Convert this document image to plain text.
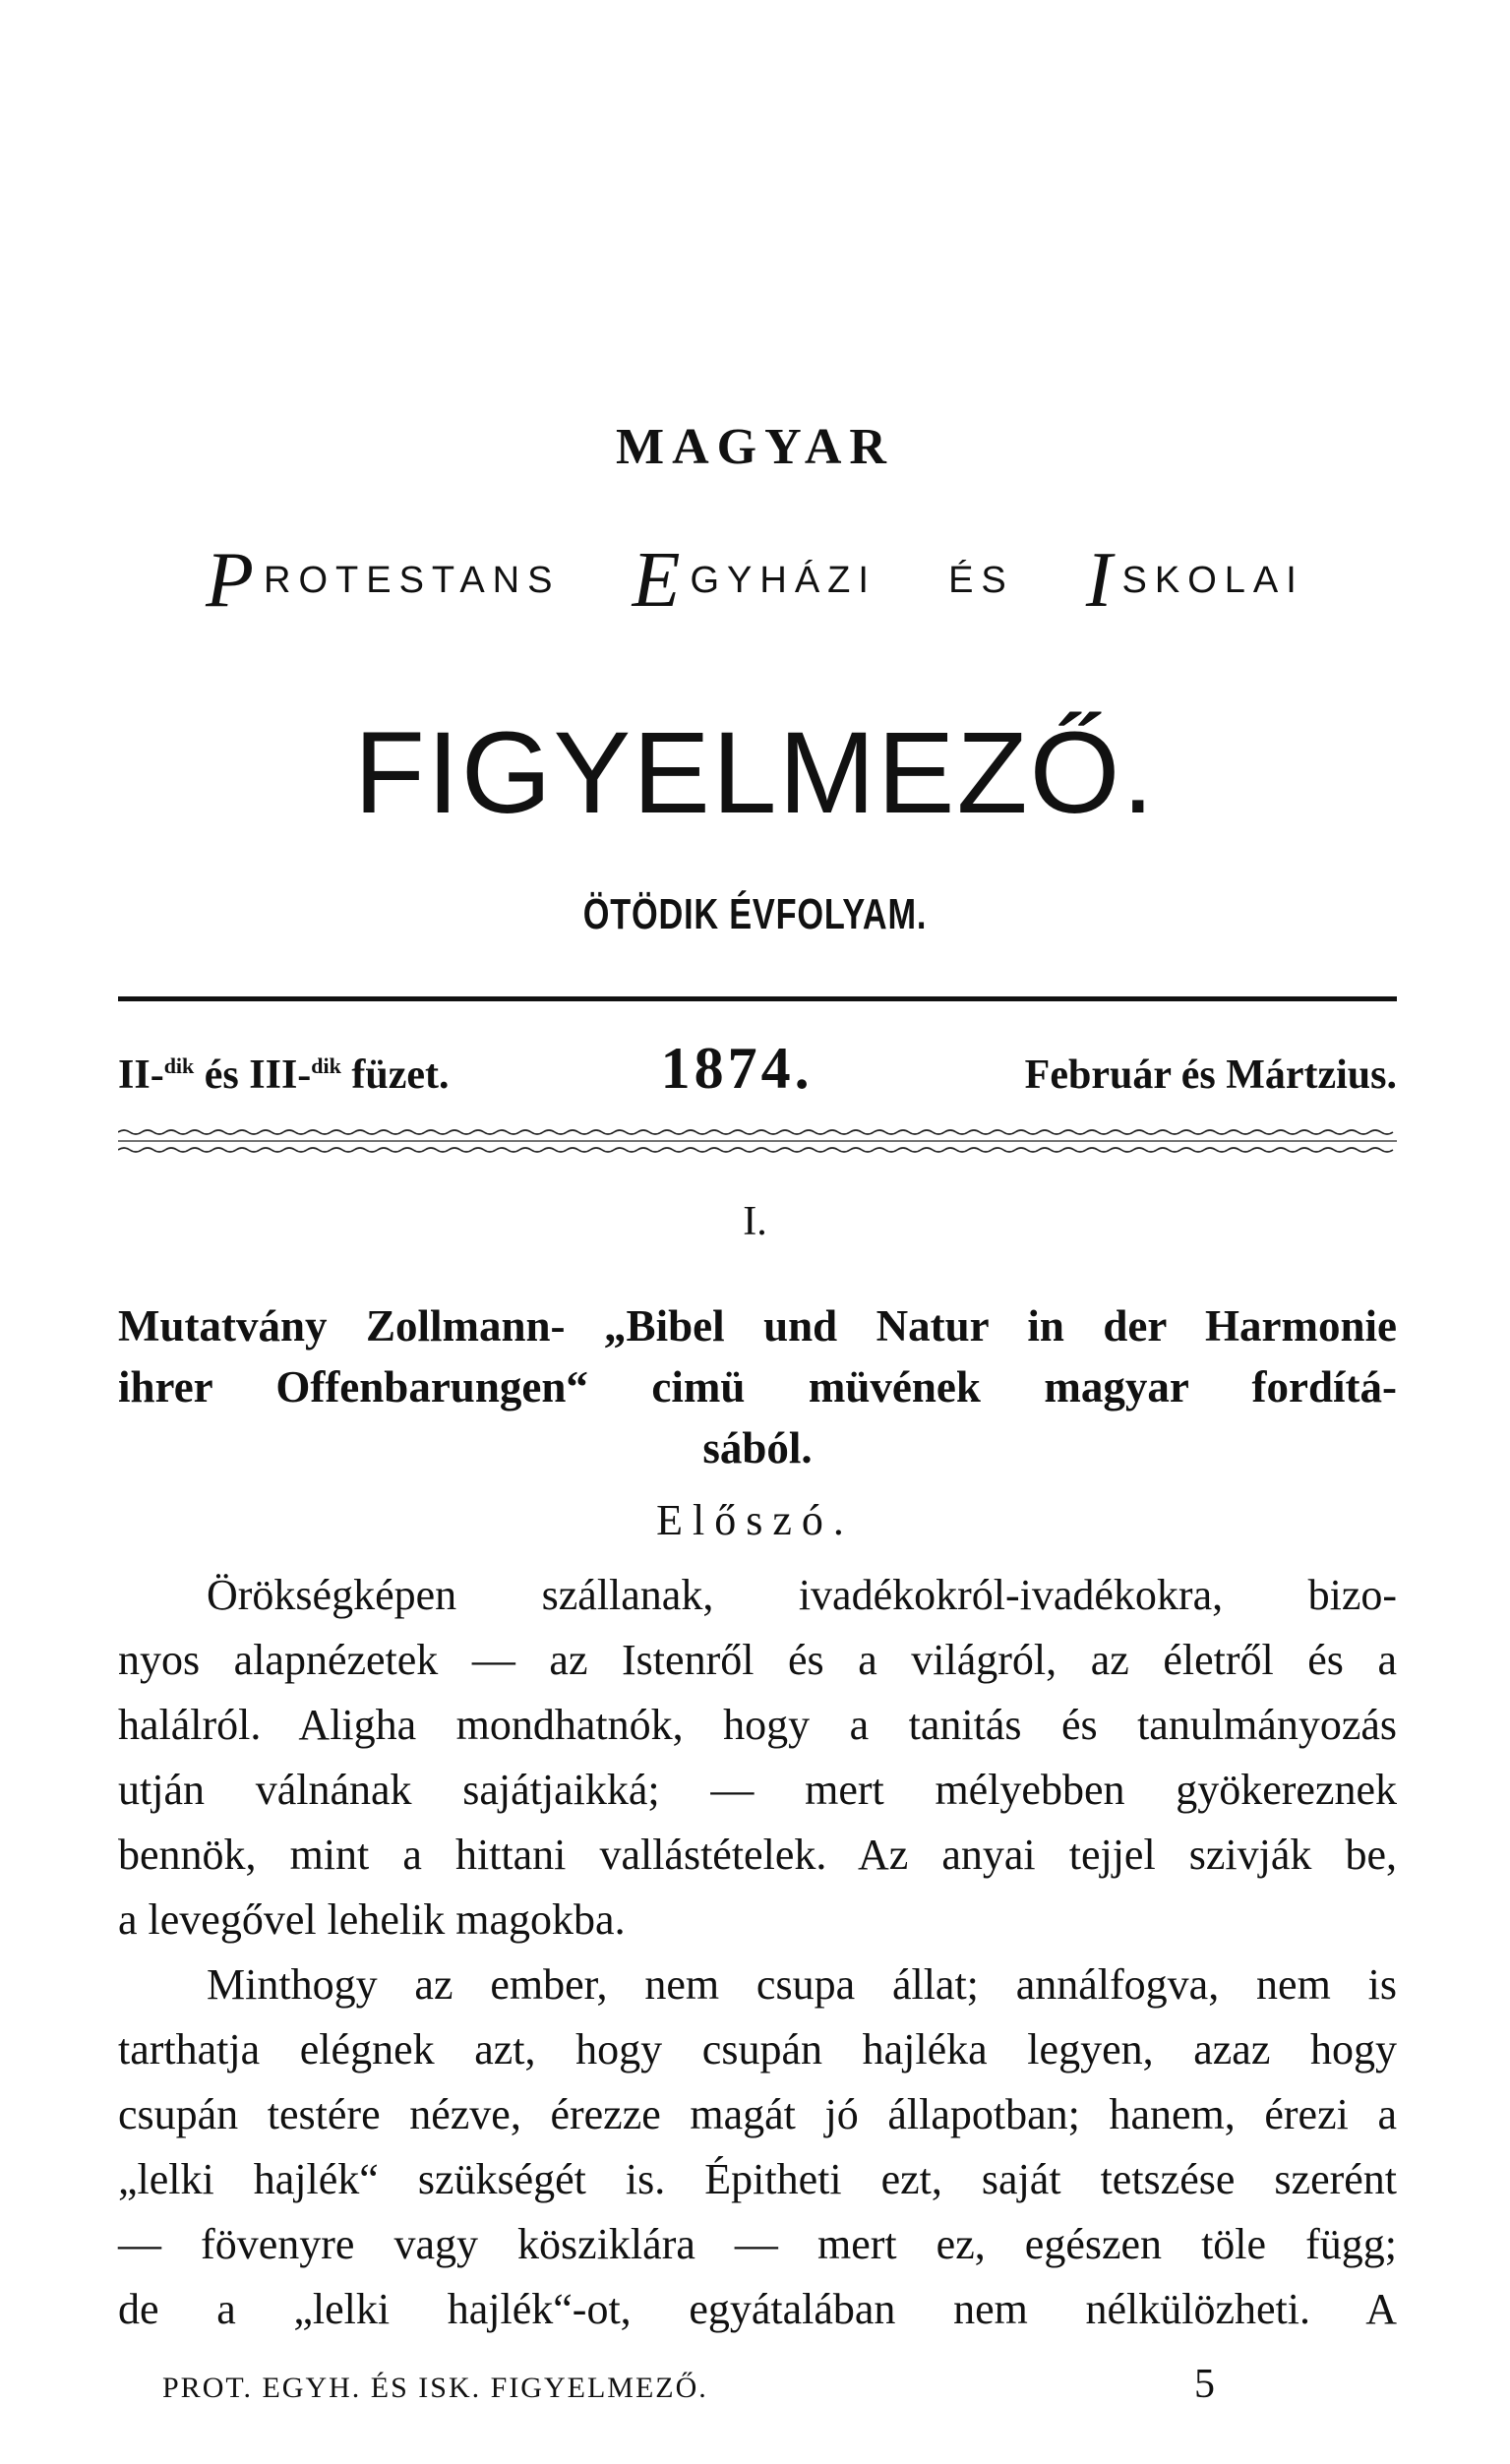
MAGYAR
PROTESTANS EGYHÁZI ÉS ISKOLAI
FIGYELMEZŐ.
ÖTÖDIK ÉVFOLYAM.
II-$^{dik}$ és III-$^{dik}$ füzet.	1874.	Február és Mártzius.
I.
Mutatvány Zollmann- „Bibel und Natur in der Harmonie
ihrer Offenbarungen“ cimü müvének magyar fordítá-
sából.
Előszó.
Örökségképen szállanak, ivadékokról-ivadékokra, bizo-
nyos alapnézetek — az Istenről és a világról, az életről és a
halálról. Aligha mondhatnók, hogy a tanitás és tanulmányozás
utján válnának sajátjaikká; — mert mélyebben gyökereznek
bennök, mint a hittani vallástételek. Az anyai tejjel szivják be,
a levegővel lehelik magokba.
Minthogy az ember, nem csupa állat; annálfogva, nem is
tarthatja elégnek azt, hogy csupán hajléka legyen, azaz hogy
csupán testére nézve, érezze magát jó állapotban; hanem, érezi a
„lelki hajlék“ szükségét is. Épitheti ezt, saját tetszése szerént
— fövenyre vagy kösziklára — mert ez, egészen töle függ;
de a „lelki hajlék“-ot, egyátalában nem nélkülözheti. A
PROT. EGYH. ÉS ISK. FIGYELMEZŐ.	5
